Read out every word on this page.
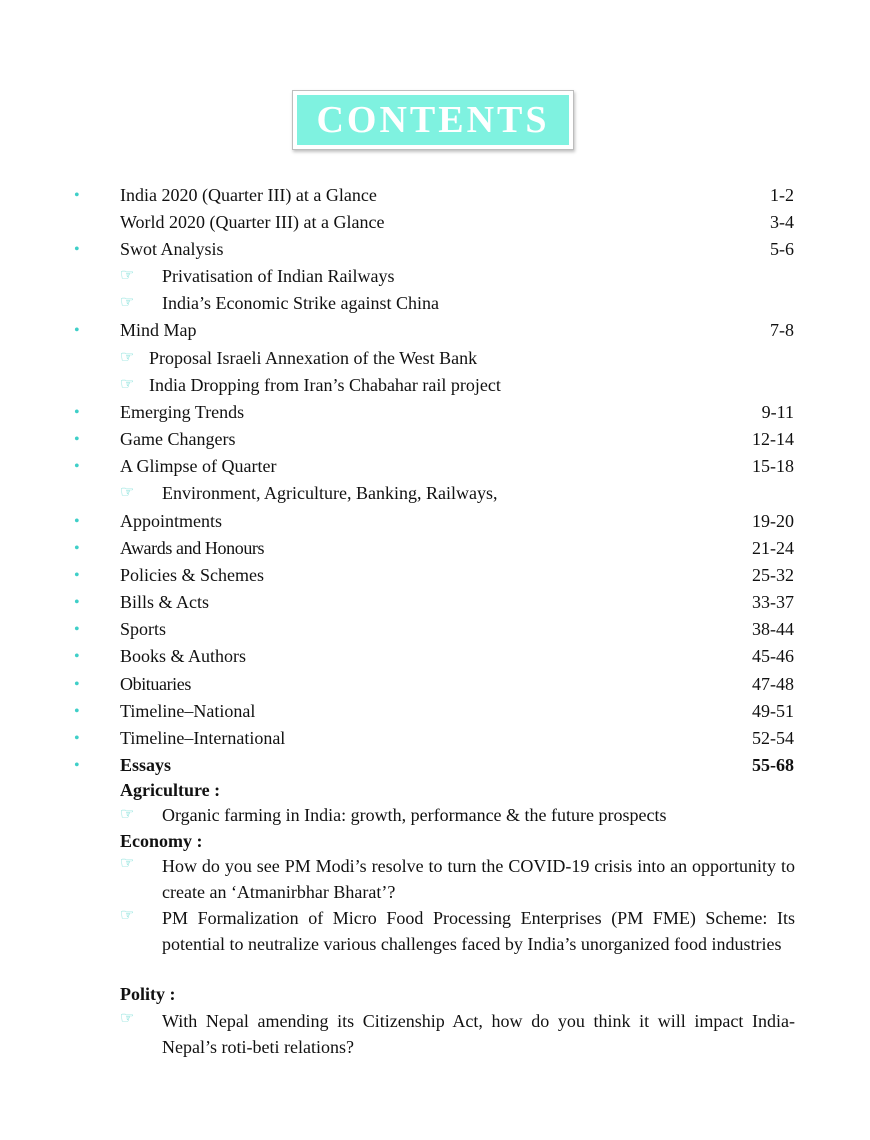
CONTENTS
• India 2020 (Quarter III) at a Glance	1-2
World 2020 (Quarter III) at a Glance	3-4
• Swot Analysis	5-6
☞ Privatisation of Indian Railways
☞ India’s Economic Strike against China
• Mind Map	7-8
☞ Proposal Israeli Annexation of the West Bank
☞ India Dropping from Iran’s Chabahar rail project
• Emerging Trends	9-11
• Game Changers	12-14
• A Glimpse of Quarter	15-18
☞ Environment, Agriculture, Banking, Railways,
• Appointments	19-20
• Awards and Honours	21-24
• Policies & Schemes	25-32
• Bills & Acts	33-37
• Sports	38-44
• Books & Authors	45-46
• Obituaries	47-48
• Timeline–National	49-51
• Timeline–International	52-54
• Essays	55-68
Agriculture :
☞ Organic farming in India: growth, performance & the future prospects
Economy :
☞ How do you see PM Modi’s resolve to turn the COVID-19 crisis into an opportunity to create an ‘Atmanirbhar Bharat’?
☞ PM Formalization of Micro Food Processing Enterprises (PM FME) Scheme: Its potential to neutralize various challenges faced by India’s unorganized food industries
Polity :
☞ With Nepal amending its Citizenship Act, how do you think it will impact India-Nepal’s roti-beti relations?
